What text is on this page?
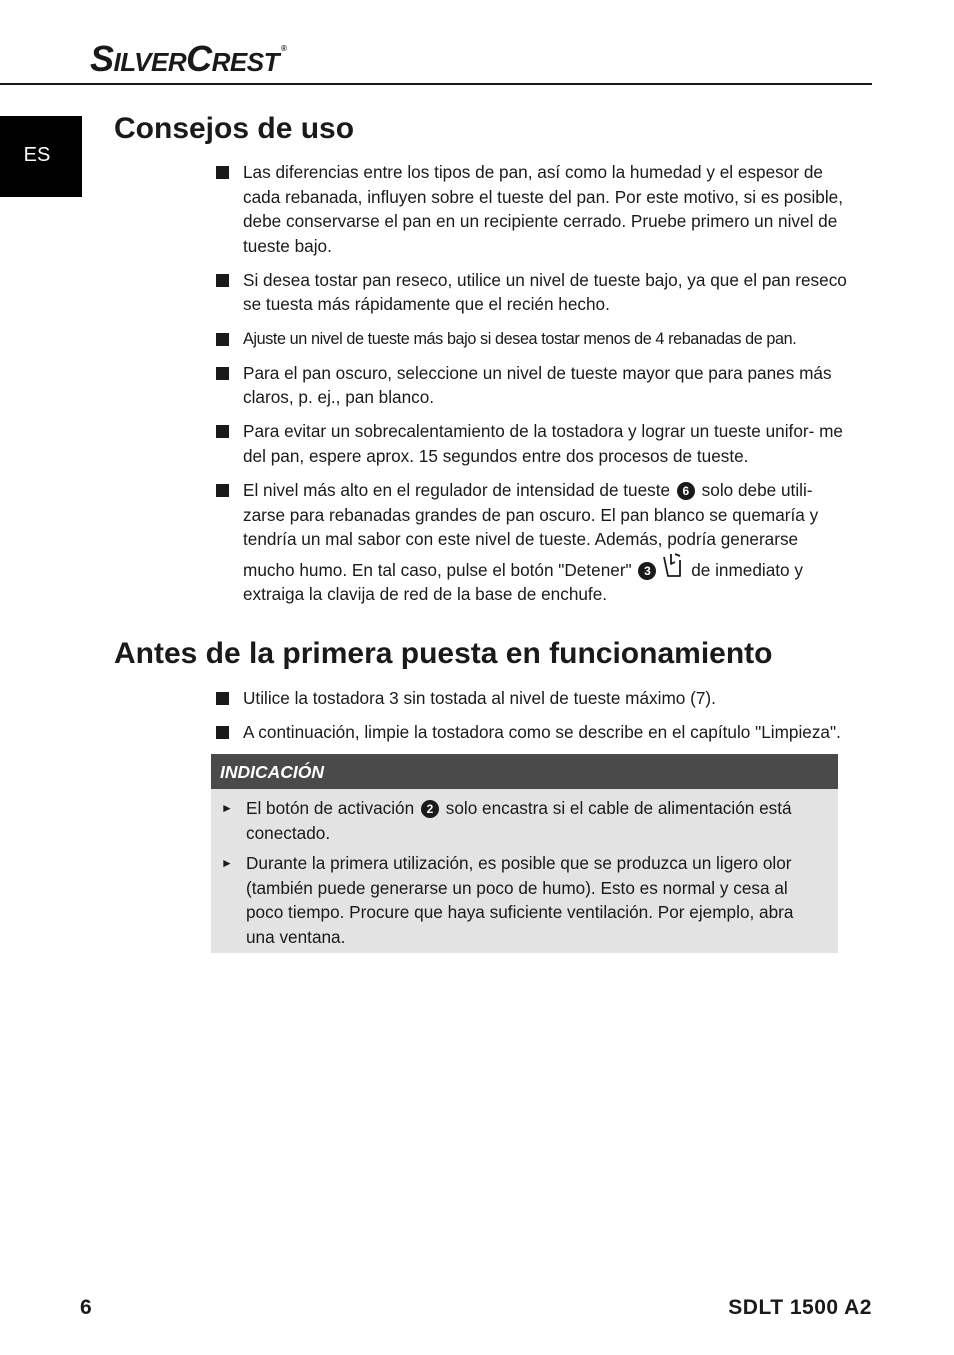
SILVERCREST ®
ES
Consejos de uso
Las diferencias entre los tipos de pan, así como la humedad y el espesor de cada rebanada, influyen sobre el tueste del pan. Por este motivo, si es posible, debe conservarse el pan en un recipiente cerrado. Pruebe primero un nivel de tueste bajo.
Si desea tostar pan reseco, utilice un nivel de tueste bajo, ya que el pan reseco se tuesta más rápidamente que el recién hecho.
Ajuste un nivel de tueste más bajo si desea tostar menos de 4 rebanadas de pan.
Para el pan oscuro, seleccione un nivel de tueste mayor que para panes más claros, p. ej., pan blanco.
Para evitar un sobrecalentamiento de la tostadora y lograr un tueste unifor- me del pan, espere aprox. 15 segundos entre dos procesos de tueste.
El nivel más alto en el regulador de intensidad de tueste 6 solo debe utili- zarse para rebanadas grandes de pan oscuro. El pan blanco se quemaría y tendría un mal sabor con este nivel de tueste. Además, podría generarse mucho humo. En tal caso, pulse el botón "Detener" 3 de inmediato y extraiga la clavija de red de la base de enchufe.
Antes de la primera puesta en funcionamiento
Utilice la tostadora 3 sin tostada al nivel de tueste máximo (7).
A continuación, limpie la tostadora como se describe en el capítulo "Limpieza".
INDICACIÓN
► El botón de activación 2 solo encastra si el cable de alimentación está conectado.
► Durante la primera utilización, es posible que se produzca un ligero olor (también puede generarse un poco de humo). Esto es normal y cesa al poco tiempo. Procure que haya suficiente ventilación. Por ejemplo, abra una ventana.
6	SDLT 1500 A2
